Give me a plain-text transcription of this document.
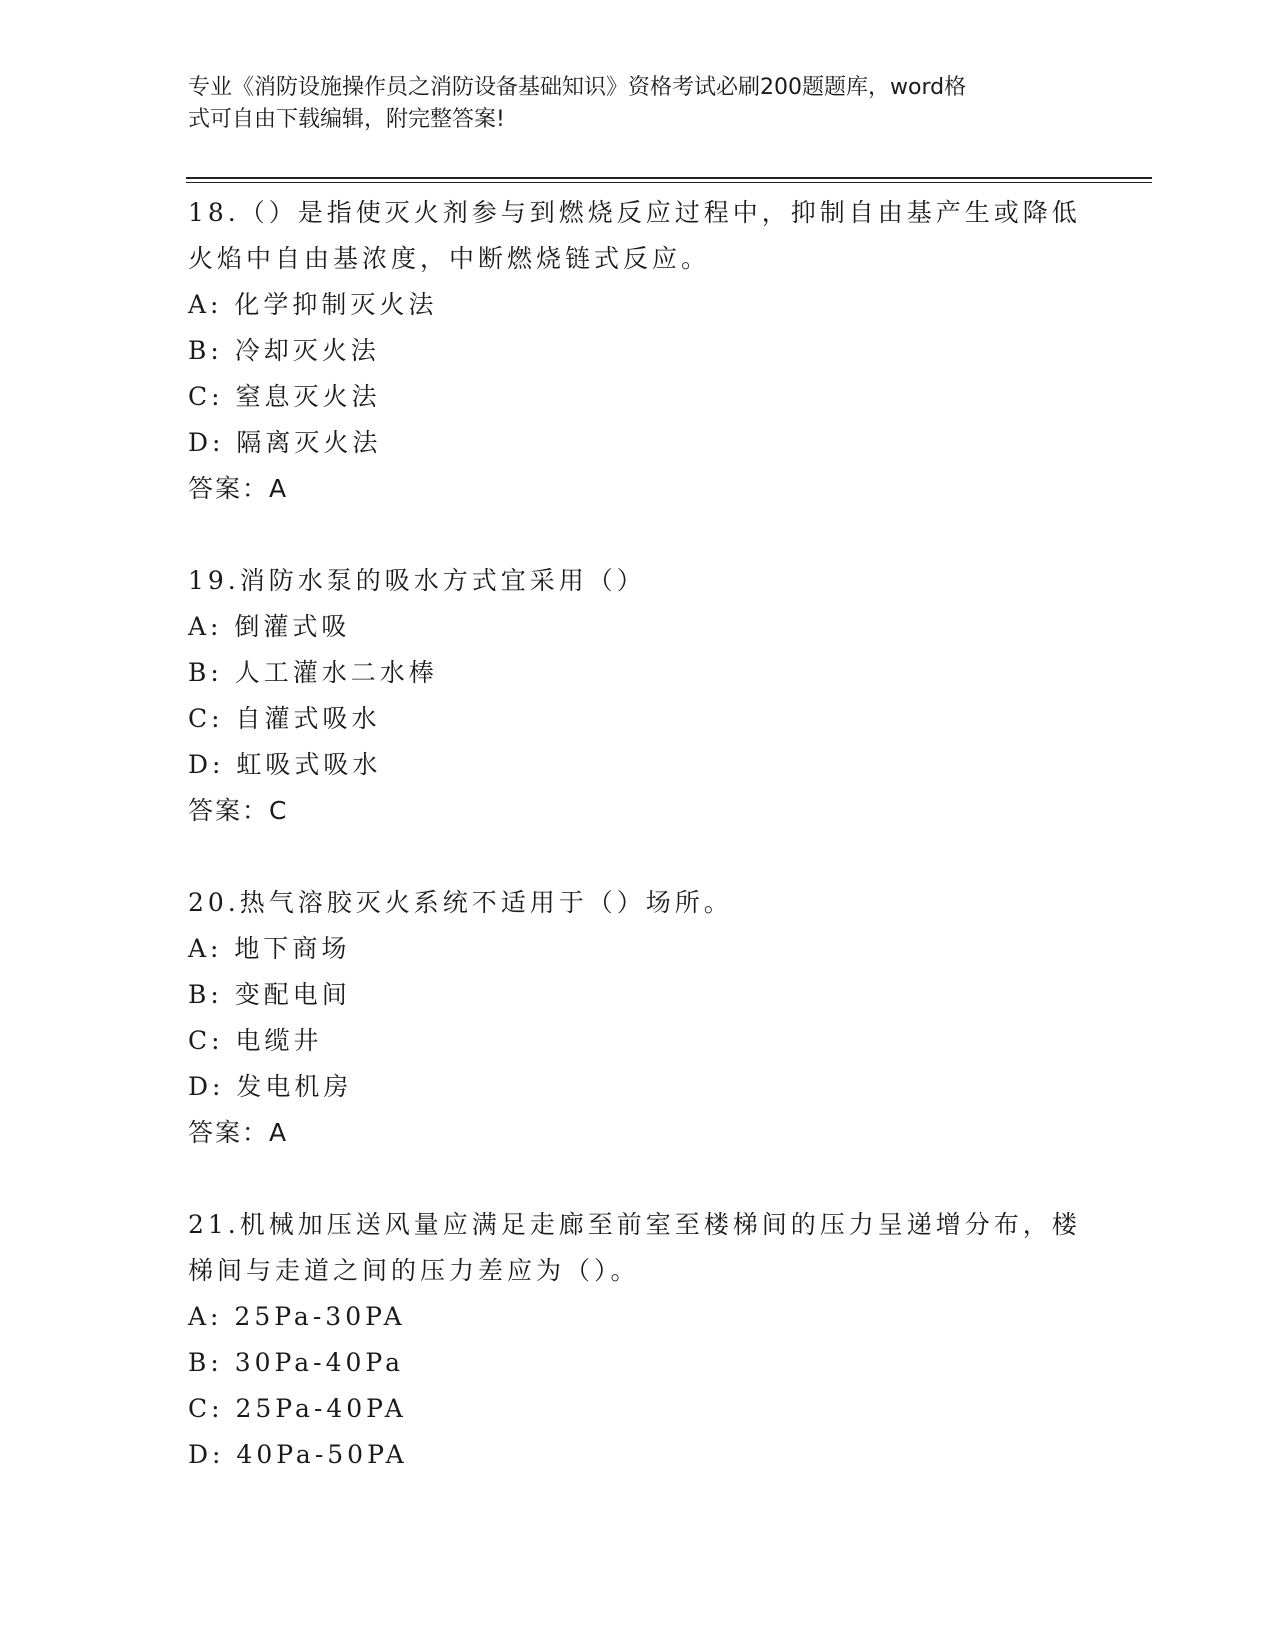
专业《消防设施操作员之消防设备基础知识》资格考试必刷200题题库，word格
式可自由下载编辑，附完整答案!
18.（）是指使灭火剂参与到燃烧反应过程中，抑制自由基产生或降低
火焰中自由基浓度，中断燃烧链式反应。
A: 化学抑制灭火法
B: 冷却灭火法
C: 窒息灭火法
D: 隔离灭火法
答案：A
19.消防水泵的吸水方式宜采用（）
A: 倒灌式吸
B: 人工灌水二水棒
C: 自灌式吸水
D: 虹吸式吸水
答案：C
20.热气溶胶灭火系统不适用于（）场所。
A: 地下商场
B: 变配电间
C: 电缆井
D: 发电机房
答案：A
21.机械加压送风量应满足走廊至前室至楼梯间的压力呈递增分布，楼
梯间与走道之间的压力差应为（）。
A: 25Pa-30PA
B: 30Pa-40Pa
C: 25Pa-40PA
D: 40Pa-50PA
